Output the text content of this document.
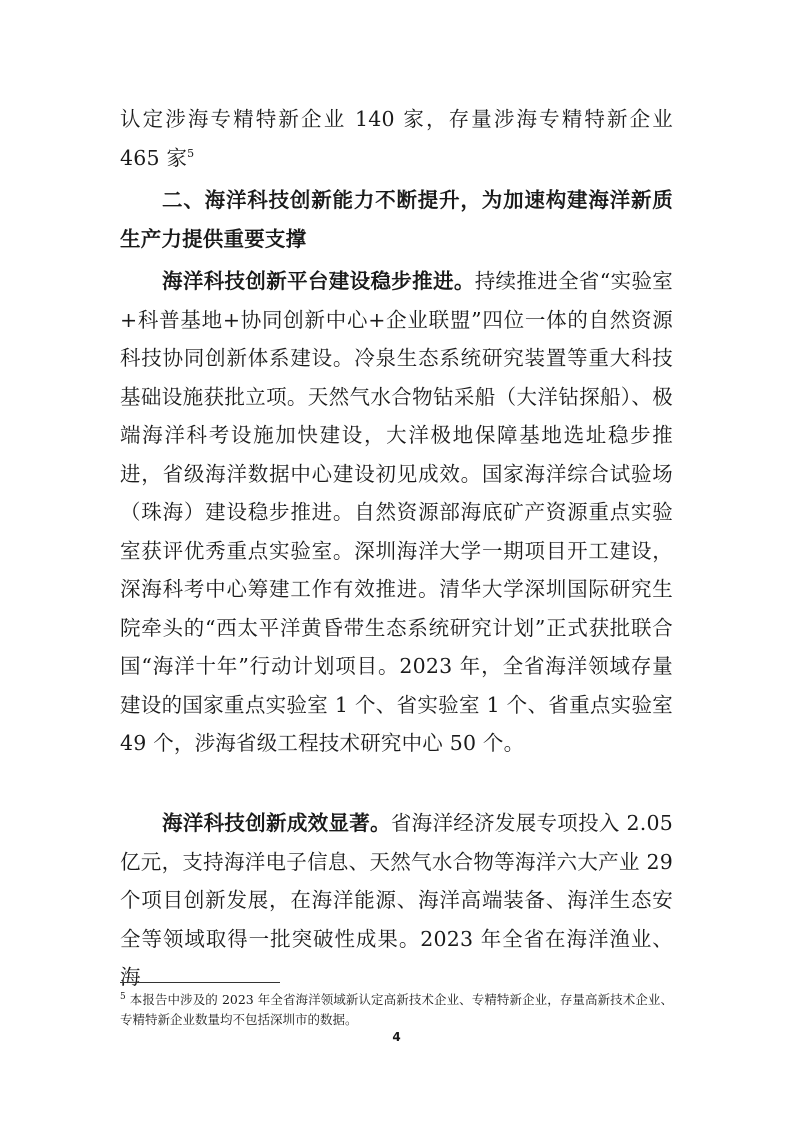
认定涉海专精特新企业 140 家，存量涉海专精特新企业 465 家$^5$

二、海洋科技创新能力不断提升，为加速构建海洋新质生产力提供重要支撑

海洋科技创新平台建设稳步推进。持续推进全省“实验室+科普基地+协同创新中心+企业联盟”四位一体的自然资源科技协同创新体系建设。冷泉生态系统研究装置等重大科技基础设施获批立项。天然气水合物钻采船（大洋钻探船）、极端海洋科考设施加快建设，大洋极地保障基地选址稳步推进，省级海洋数据中心建设初见成效。国家海洋综合试验场（珠海）建设稳步推进。自然资源部海底矿产资源重点实验室获评优秀重点实验室。深圳海洋大学一期项目开工建设，深海科考中心筹建工作有效推进。清华大学深圳国际研究生院牵头的“西太平洋黄昏带生态系统研究计划”正式获批联合国“海洋十年”行动计划项目。2023 年，全省海洋领域存量建设的国家重点实验室 1 个、省实验室 1 个、省重点实验室 49 个，涉海省级工程技术研究中心 50 个。

海洋科技创新成效显著。省海洋经济发展专项投入 2.05 亿元，支持海洋电子信息、天然气水合物等海洋六大产业 29 个项目创新发展，在海洋能源、海洋高端装备、海洋生态安全等领域取得一批突破性成果。2023 年全省在海洋渔业、海

$^5$ 本报告中涉及的 2023 年全省海洋领域新认定高新技术企业、专精特新企业，存量高新技术企业、专精特新企业数量均不包括深圳市的数据。

4
